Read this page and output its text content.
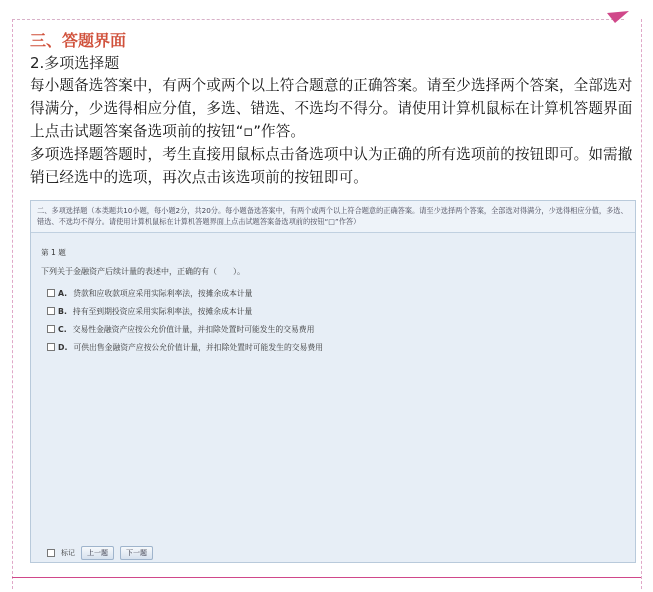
三、答题界面

2.多项选择题

每小题备选答案中，有两个或两个以上符合题意的正确答案。请至少选择两个答案，全部选对得满分，少选得相应分值，多选、错选、不选均不得分。请使用计算机鼠标在计算机答题界面上点击试题答案备选项前的按钮“▫”作答。

多项选择题答题时，考生直接用鼠标点击备选项中认为正确的所有选项前的按钮即可。如需撤销已经选中的选项，再次点击该选项前的按钮即可。

二、多项选择题（本类题共10小题，每小题2分，共20分。每小题备选答案中，有两个或两个以上符合题意的正确答案。请至少选择两个答案，全部选对得满分，少选得相应分值，多选、错选、不选均不得分。请使用计算机鼠标在计算机答题界面上点击试题答案备选项前的按钮“□”作答）
第 1 题
下列关于金融资产后续计量的表述中，正确的有（　　）。
A. 贷款和应收款项应采用实际利率法，按摊余成本计量
B. 持有至到期投资应采用实际利率法，按摊余成本计量
C. 交易性金融资产应按公允价值计量，并扣除处置时可能发生的交易费用
D. 可供出售金融资产应按公允价值计量，并扣除处置时可能发生的交易费用
标记	上一题	下一题
